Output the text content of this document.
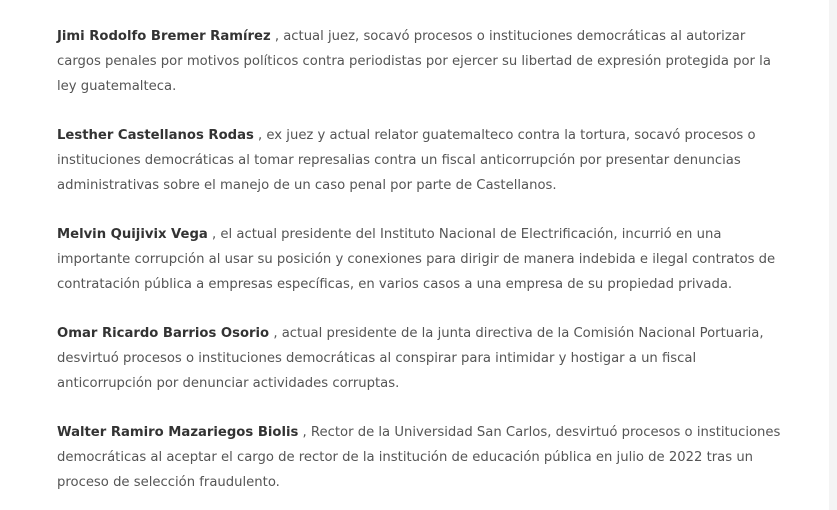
Jimi Rodolfo Bremer Ramírez , actual juez, socavó procesos o instituciones democráticas al autorizar cargos penales por motivos políticos contra periodistas por ejercer su libertad de expresión protegida por la ley guatemalteca.

Lesther Castellanos Rodas , ex juez y actual relator guatemalteco contra la tortura, socavó procesos o instituciones democráticas al tomar represalias contra un fiscal anticorrupción por presentar denuncias administrativas sobre el manejo de un caso penal por parte de Castellanos.

Melvin Quijivix Vega , el actual presidente del Instituto Nacional de Electrificación, incurrió en una importante corrupción al usar su posición y conexiones para dirigir de manera indebida e ilegal contratos de contratación pública a empresas específicas, en varios casos a una empresa de su propiedad privada.

Omar Ricardo Barrios Osorio , actual presidente de la junta directiva de la Comisión Nacional Portuaria, desvirtuó procesos o instituciones democráticas al conspirar para intimidar y hostigar a un fiscal anticorrupción por denunciar actividades corruptas.

Walter Ramiro Mazariegos Biolis , Rector de la Universidad San Carlos, desvirtuó procesos o instituciones democráticas al aceptar el cargo de rector de la institución de educación pública en julio de 2022 tras un proceso de selección fraudulento.
